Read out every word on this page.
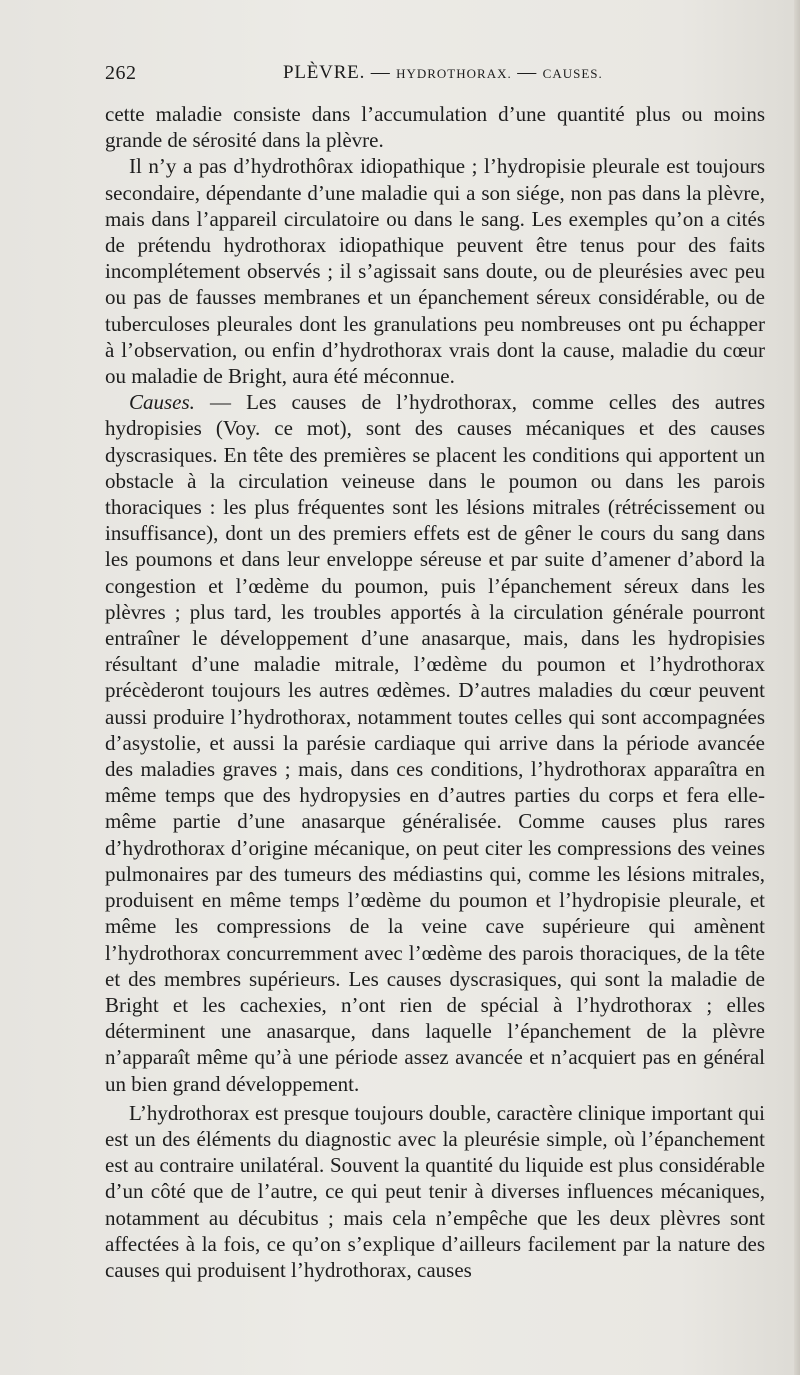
262	PLÈVRE. — HYDROTHORAX. — CAUSES.

cette maladie consiste dans l’accumulation d’une quantité plus ou moins grande de sérosité dans la plèvre.

Il n’y a pas d’hydrothôrax idiopathique ; l’hydropisie pleurale est toujours secondaire, dépendante d’une maladie qui a son siége, non pas dans la plèvre, mais dans l’appareil circulatoire ou dans le sang. Les exemples qu’on a cités de prétendu hydrothorax idiopathique peuvent être tenus pour des faits incomplétement observés ; il s’agissait sans doute, ou de pleurésies avec peu ou pas de fausses membranes et un épanchement séreux considérable, ou de tuberculoses pleurales dont les granulations peu nombreuses ont pu échapper à l’observation, ou enfin d’hydrothorax vrais dont la cause, maladie du cœur ou maladie de Bright, aura été méconnue.

Causes. — Les causes de l’hydrothorax, comme celles des autres hydropisies (Voy. ce mot), sont des causes mécaniques et des causes dyscrasiques. En tête des premières se placent les conditions qui apportent un obstacle à la circulation veineuse dans le poumon ou dans les parois thoraciques : les plus fréquentes sont les lésions mitrales (rétrécissement ou insuffisance), dont un des premiers effets est de gêner le cours du sang dans les poumons et dans leur enveloppe séreuse et par suite d’amener d’abord la congestion et l’œdème du poumon, puis l’épanchement séreux dans les plèvres ; plus tard, les troubles apportés à la circulation générale pourront entraîner le développement d’une anasarque, mais, dans les hydropisies résultant d’une maladie mitrale, l’œdème du poumon et l’hydrothorax précèderont toujours les autres œdèmes. D’autres maladies du cœur peuvent aussi produire l’hydrothorax, notamment toutes celles qui sont accompagnées d’asystolie, et aussi la parésie cardiaque qui arrive dans la période avancée des maladies graves ; mais, dans ces conditions, l’hydrothorax apparaîtra en même temps que des hydropysies en d’autres parties du corps et fera elle-même partie d’une anasarque généralisée. Comme causes plus rares d’hydrothorax d’origine mécanique, on peut citer les compressions des veines pulmonaires par des tumeurs des médiastins qui, comme les lésions mitrales, produisent en même temps l’œdème du poumon et l’hydropisie pleurale, et même les compressions de la veine cave supérieure qui amènent l’hydrothorax concurremment avec l’œdème des parois thoraciques, de la tête et des membres supérieurs. Les causes dyscrasiques, qui sont la maladie de Bright et les cachexies, n’ont rien de spécial à l’hydrothorax ; elles déterminent une anasarque, dans laquelle l’épanchement de la plèvre n’apparaît même qu’à une période assez avancée et n’acquiert pas en général un bien grand développement.

L’hydrothorax est presque toujours double, caractère clinique important qui est un des éléments du diagnostic avec la pleurésie simple, où l’épanchement est au contraire unilatéral. Souvent la quantité du liquide est plus considérable d’un côté que de l’autre, ce qui peut tenir à diverses influences mécaniques, notamment au décubitus ; mais cela n’empêche que les deux plèvres sont affectées à la fois, ce qu’on s’explique d’ailleurs facilement par la nature des causes qui produisent l’hydrothorax, causes
